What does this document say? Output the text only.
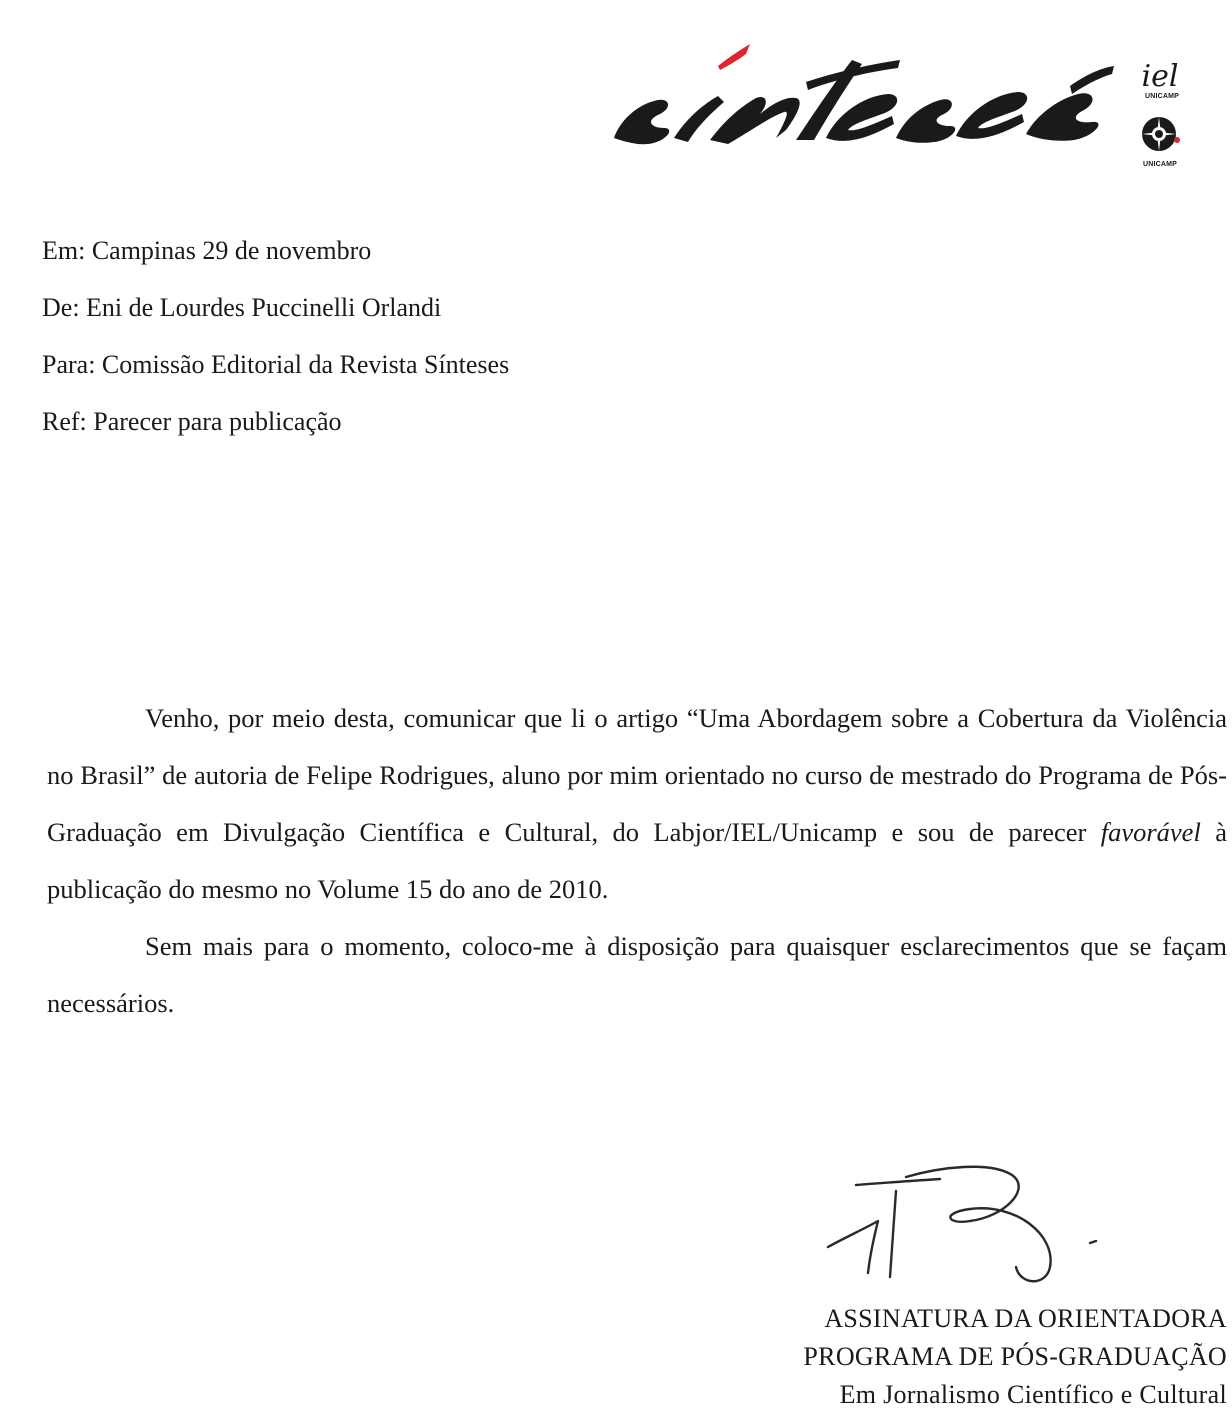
iel
UNICAMP
UNICAMP
Em: Campinas 29 de novembro
De: Eni de Lourdes Puccinelli Orlandi
Para: Comissão Editorial da Revista Sínteses
Ref: Parecer para publicação

Venho, por meio desta, comunicar que li o artigo “Uma Abordagem sobre a Cobertura da Violência no Brasil” de autoria de Felipe Rodrigues, aluno por mim orientado no curso de mestrado do Programa de Pós-Graduação em Divulgação Científica e Cultural, do Labjor/IEL/Unicamp e sou de parecer favorável à publicação do mesmo no Volume 15 do ano de 2010.

Sem mais para o momento, coloco-me à disposição para quaisquer esclarecimentos que se façam necessários.

ASSINATURA DA ORIENTADORA
PROGRAMA DE PÓS-GRADUAÇÃO
Em Jornalismo Científico e Cultural
